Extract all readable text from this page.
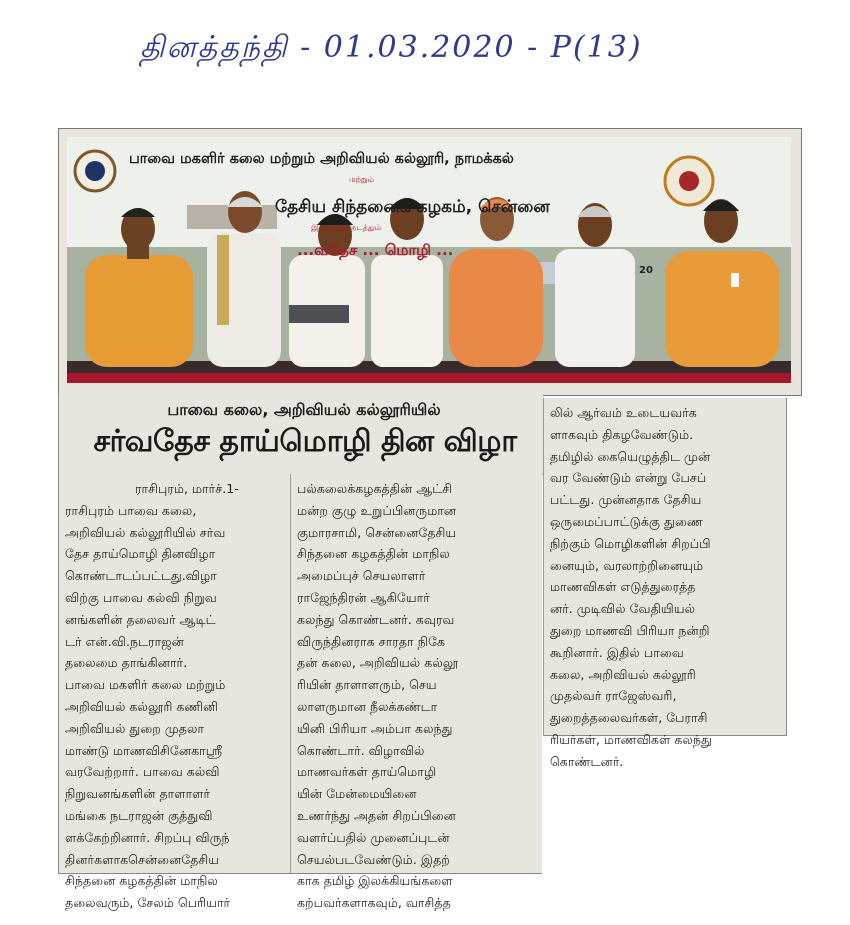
தினத்தந்தி - 01.03.2020 - P(13)
பாவை மகளிர் கலை மற்றும் அறிவியல் கல்லூரி, நாமக்கல்
மற்றும்
தேசிய சிந்தனைக் கழகம், சென்னை
இணைந்து நடத்தும்
...வதேச ... மொழி ...
20
பாவை கலை, அறிவியல் கல்லூரியில்
சர்வதேச தாய்மொழி தின விழா
ராசிபுரம், மார்ச்.1-
ராசிபுரம் பாவை கலை,
அறிவியல் கல்லூரியில் சர்வ
தேச தாய்மொழி தினவிழா
கொண்டாடப்பட்டது.விழா
விற்கு பாவை கல்வி நிறுவ
னங்களின் தலைவர் ஆடிட்
டர் என்.வி.நடராஜன்
தலைமை தாங்கினார்.
பாவை மகளிர் கலை மற்றும்
அறிவியல் கல்லூரி கணினி
அறிவியல் துறை முதலா
மாண்டு மாணவிசினேகாஸ்ரீ
வரவேற்றார். பாவை கல்வி
நிறுவனங்களின் தாளாளர்
மங்கை நடராஜன் குத்துவி
ளக்கேற்றினார். சிறப்பு விருந்
தினர்களாகசென்னைதேசிய
சிந்தனை கழகத்தின் மாநில
தலைவரும், சேலம் பெரியார்
பல்கலைக்கழகத்தின் ஆட்சி
மன்ற குழு உறுப்பினருமான
குமாரசாமி, சென்னைதேசிய
சிந்தனை கழகத்தின் மாநில
அமைப்புச் செயலாளர்
ராஜேந்திரன் ஆகியோர்
கலந்து கொண்டனர். கவுரவ
விருந்தினராக சாரதா நிகே
தன் கலை, அறிவியல் கல்லூ
ரியின் தாளாளரும், செய
லாளருமான நீலக்கண்டா
யினி பிரியா அம்பா கலந்து
கொண்டார். விழாவில்
மாணவர்கள் தாய்மொழி
யின் மேன்மையினை
உணர்ந்து அதன் சிறப்பினை
வளர்ப்பதில் முனைப்புடன்
செயல்படவேண்டும். இதற்
காக தமிழ் இலக்கியங்களை
கற்பவர்களாகவும், வாசித்த
லில் ஆர்வம் உடையவர்க
ளாகவும் திகழவேண்டும்.
தமிழில் கையெழுத்திட முன்
வர வேண்டும் என்று பேசப்
பட்டது. முன்னதாக தேசிய
ஒருமைப்பாட்டுக்கு துணை
நிற்கும் மொழிகளின் சிறப்பி
னையும், வரலாற்றினையும்
மாணவிகள் எடுத்துரைத்த
னர். முடிவில் வேதியியல்
துறை மாணவி பிரியா நன்றி
கூறினார். இதில் பாவை
கலை, அறிவியல் கல்லூரி
முதல்வர் ராஜேஸ்வரி,
துறைத்தலைவர்கள், பேராசி
ரியர்கள், மாணவிகள் கலந்து
கொண்டனர்.
